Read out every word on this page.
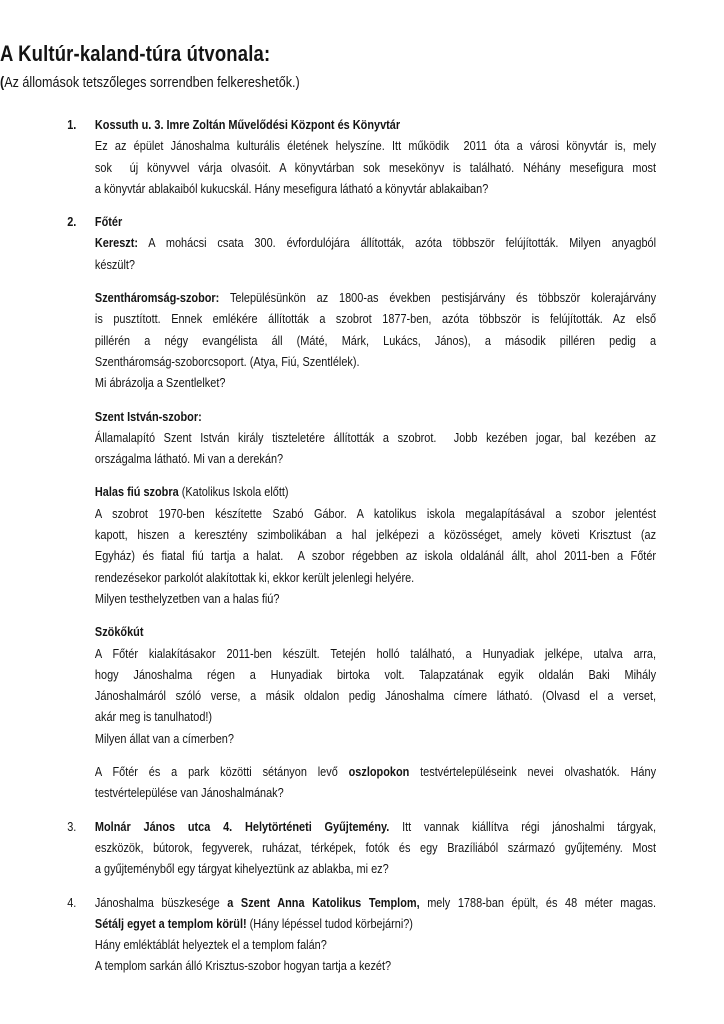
A Kultúr-kaland-túra útvonala:
(Az állomások tetszőleges sorrendben felkereshetők.)
1. Kossuth u. 3. Imre Zoltán Művelődési Központ és Könyvtár
Ez az épület Jánoshalma kulturális életének helyszíne. Itt működik  2011 óta a városi könyvtár is, mely
sok  új könyvvel várja olvasóit. A könyvtárban sok mesekönyv is található. Néhány mesefigura most
a könyvtár ablakaiból kukucskál. Hány mesefigura látható a könyvtár ablakaiban?
2. Főtér
Kereszt: A mohácsi csata 300. évfordulójára állították, azóta többször felújították. Milyen anyagból
készült?
Szentháromság-szobor: Településünkön az 1800-as években pestisjárvány és többször kolerajárvány
is pusztított. Ennek emlékére állították a szobrot 1877-ben, azóta többször is felújították. Az első
pillérén a négy evangélista áll (Máté, Márk, Lukács, János), a második pilléren pedig a
Szentháromság-szoborcsoport. (Atya, Fiú, Szentlélek).
Mi ábrázolja a Szentlelket?
Szent István-szobor:
Államalapító Szent István király tiszteletére állították a szobrot.  Jobb kezében jogar, bal kezében az
országalma látható. Mi van a derekán?
Halas fiú szobra (Katolikus Iskola előtt)
A szobrot 1970-ben készítette Szabó Gábor. A katolikus iskola megalapításával a szobor jelentést
kapott, hiszen a keresztény szimbolikában a hal jelképezi a közösséget, amely követi Krisztust (az
Egyház) és fiatal fiú tartja a halat.  A szobor régebben az iskola oldalánál állt, ahol 2011-ben a Főtér
rendezésekor parkolót alakítottak ki, ekkor került jelenlegi helyére.
Milyen testhelyzetben van a halas fiú?
Szökőkút
A Főtér kialakításakor 2011-ben készült. Tetején holló található, a Hunyadiak jelképe, utalva arra,
hogy Jánoshalma régen a Hunyadiak birtoka volt. Talapzatának egyik oldalán Baki Mihály
Jánoshalmáról szóló verse, a másik oldalon pedig Jánoshalma címere látható. (Olvasd el a verset,
akár meg is tanulhatod!)
Milyen állat van a címerben?
A Főtér és a park közötti sétányon levő oszlopokon testvértelepüléseink nevei olvashatók. Hány
testvértelepülése van Jánoshalmának?
3. Molnár János utca 4. Helytörténeti Gyűjtemény. Itt vannak kiállítva régi jánoshalmi tárgyak,
eszközök, bútorok, fegyverek, ruházat, térképek, fotók és egy Brazíliából származó gyűjtemény. Most
a gyűjteményből egy tárgyat kihelyeztünk az ablakba, mi ez?
4. Jánoshalma büszkesége a Szent Anna Katolikus Templom, mely 1788-ban épült, és 48 méter magas.
Sétálj egyet a templom körül! (Hány lépéssel tudod körbejárni?)
Hány emléktáblát helyeztek el a templom falán?
A templom sarkán álló Krisztus-szobor hogyan tartja a kezét?
